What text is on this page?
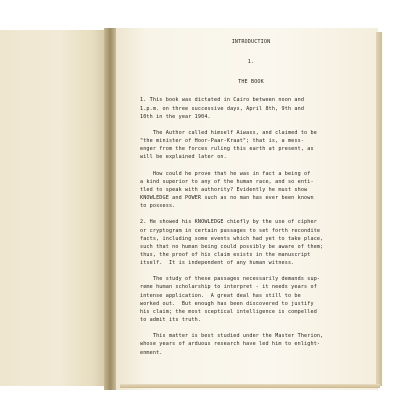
INTRODUCTION
1.
THE BOOK
1. This book was dictated in Cairo between noon and
1.p.m. on three successive days, April 8th, 9th and
10th in the year 1904.
The Author called himself Aiwass, and claimed to be
"the minister of Hoor-Paar-Kraat"; that is, a mess-
enger from the forces ruling this earth at present, as
will be explained later on.
How could he prove that he was in fact a being of
a kind superior to any of the human race, and so enti-
tled to speak with authority? Evidently he must show
KNOWLEDGE and POWER such as no man has ever been known
to possess.
2. He showed his KNOWLEDGE chiefly by the use of cipher
or cryptogram in certain passages to set forth recondite
facts, including some events which had yet to take place,
such that no human being could possibly be aware of them;
thus, the proof of his claim exists in the manuscript
itself.  It is independent of any human witness.
The study of these passages necessarily demands sup-
reme human scholarship to interpret - it needs years of
intense application.  A great deal has still to be
worked out.  But enough has been discovered to justify
his claim; the most sceptical intelligence is compelled
to admit its truth.
This matter is best studied under the Master Therion,
whose years of arduous research have led him to enlight-
enment.
